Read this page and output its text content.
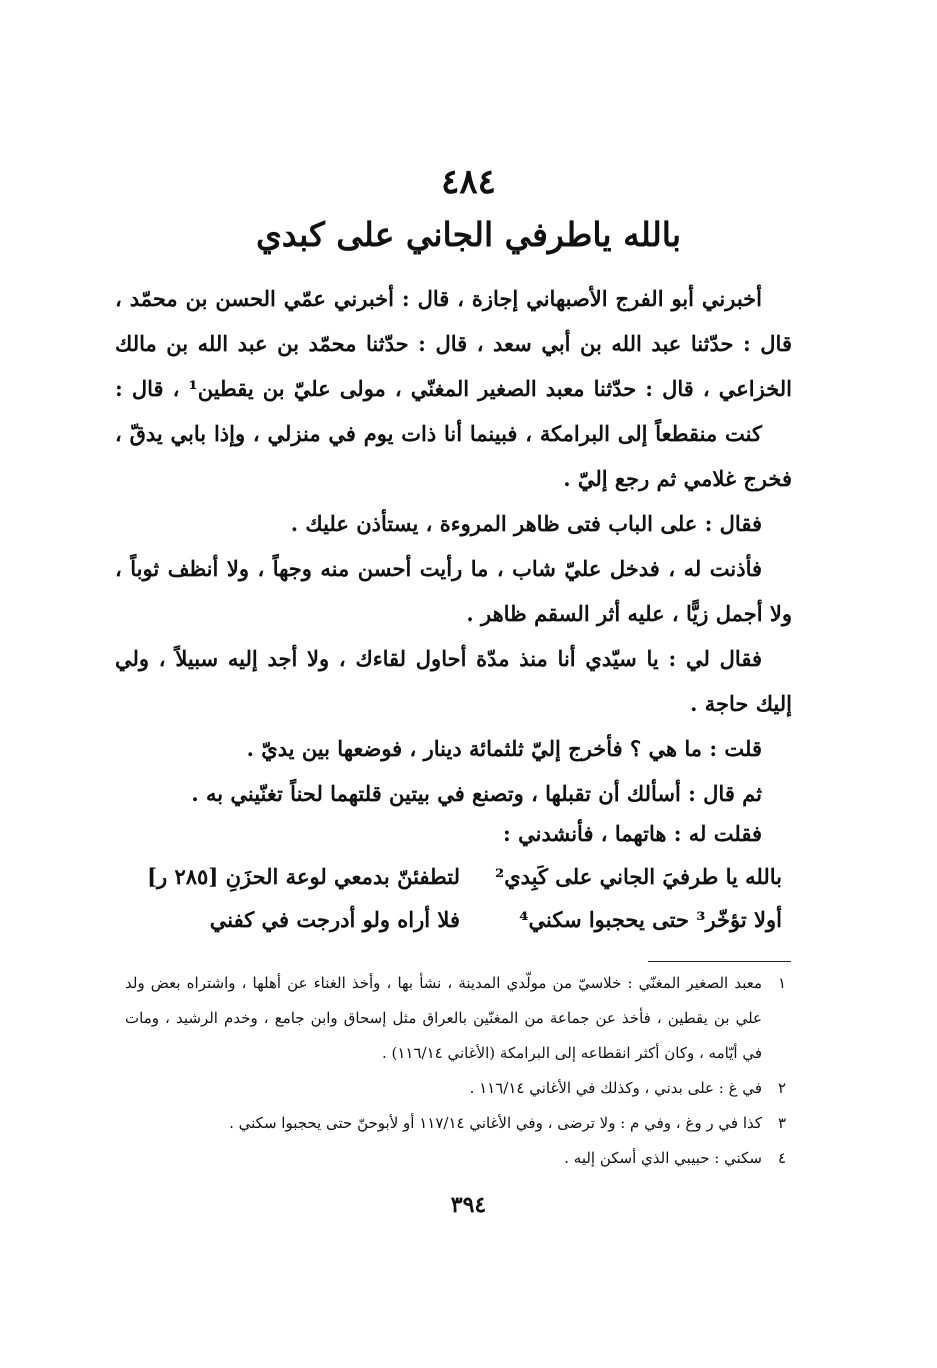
٤٨٤
بالله ياطرفي الجاني على كبدي
أخبرني أبو الفرج الأصبهاني إجازة ، قال : أخبرني عمّي الحسن بن محمّد ،
قال : حدّثنا عبد الله بن أبي سعد ، قال : حدّثنا محمّد بن عبد الله بن مالك
الخزاعي ، قال : حدّثنا معبد الصغير المغنّي ، مولى عليّ بن يقطين¹ ، قال :
كنت منقطعاً إلى البرامكة ، فبينما أنا ذات يوم في منزلي ، وإذا بابي يدقّ ،
فخرج غلامي ثم رجع إليّ .
فقال : على الباب فتى ظاهر المروءة ، يستأذن عليك .
فأذنت له ، فدخل عليّ شاب ، ما رأيت أحسن منه وجهاً ، ولا أنظف ثوباً ،
ولا أجمل زيًّا ، عليه أثر السقم ظاهر .
فقال لي : يا سيّدي أنا منذ مدّة أحاول لقاءك ، ولا أجد إليه سبيلاً ، ولي
إليك حاجة .
قلت : ما هي ؟ فأخرج إليّ ثلثمائة دينار ، فوضعها بين يديّ .
ثم قال : أسألك أن تقبلها ، وتصنع في بيتين قلتهما لحناً تغنّيني به .
فقلت له : هاتهما ، فأنشدني :
بالله يا طرفيَ الجاني على كَبِدي²
لتطفئنّ بدمعي لوعة الحزَنِ [٢٨٥ ر]
أولا تؤخّر³ حتى يحجبوا سكني⁴
فلا أراه ولو أدرجت في كفني
١
معبد الصغير المغنّي : خلاسيّ من مولّدي المدينة ، نشأ بها ، وأخذ الغناء عن أهلها ، واشتراه بعض ولد
علي بن يقطين ، فأخذ عن جماعة من المغنّين بالعراق مثل إسحاق وابن جامع ، وخدم الرشيد ، ومات
في أيّامه ، وكان أكثر انقطاعه إلى البرامكة (الأغاني ١١٦/١٤) .
٢
في غ : على بدني ، وكذلك في الأغاني ١١٦/١٤ .
٣
كذا في ر وغ ، وفي م : ولا ترضى ، وفي الأغاني ١١٧/١٤ أو لأبوحنّ حتى يحجبوا سكني .
٤
سكني : حبيبي الذي أسكن إليه .
٣٩٤
